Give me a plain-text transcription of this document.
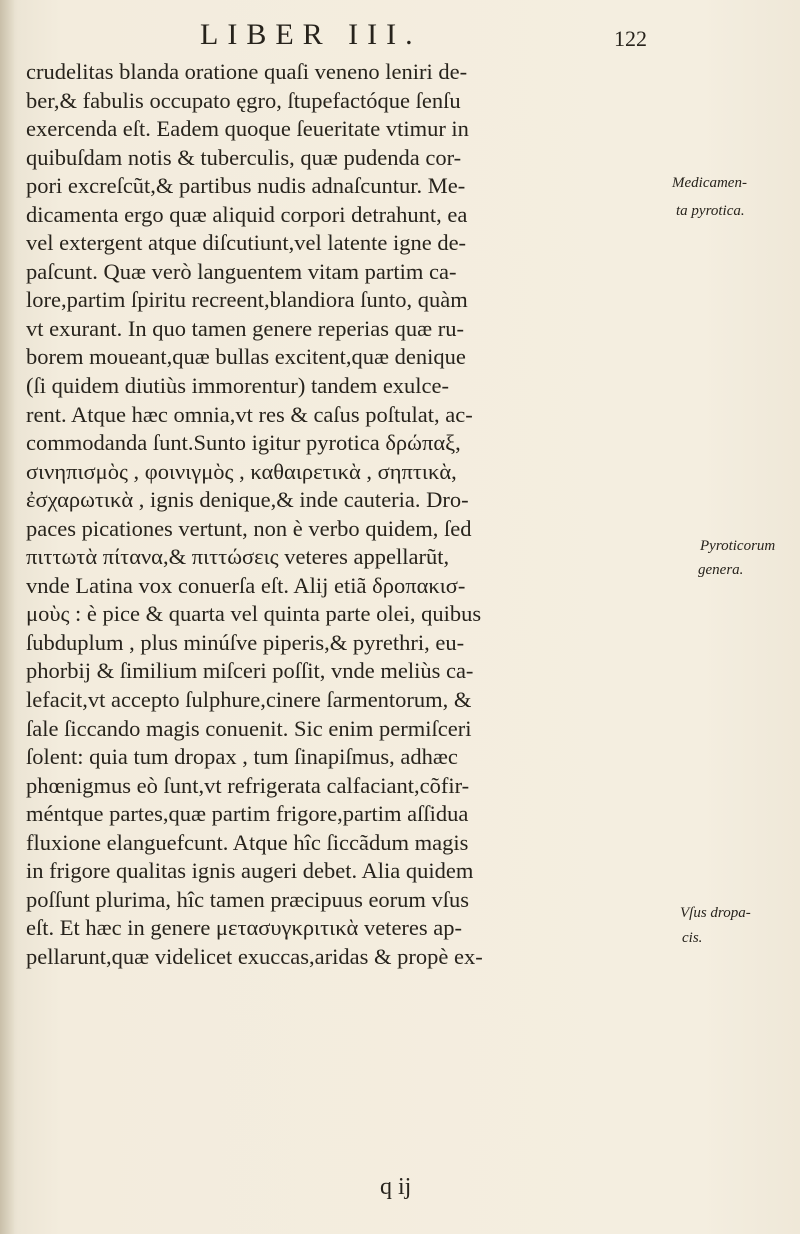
LIBER III.	122
crudelitas blanda oratione quaſi veneno leniri de-
ber,& fabulis occupato ęgro, ſtupefactóque ſenſu
exercenda eſt. Eadem quoque ſeueritate vtimur in
quibuſdam notis & tuberculis, quæ pudenda cor-
pori excreſcũt,& partibus nudis adnaſcuntur. Me-
dicamenta ergo quæ aliquid corpori detrahunt, ea
vel extergent atque diſcutiunt,vel latente igne de-
paſcunt. Quæ verò languentem vitam partim ca-
lore,partim ſpiritu recreent,blandiora ſunto, quàm
vt exurant. In quo tamen genere reperias quæ ru-
borem moueant,quæ bullas excitent,quæ denique
(ſi quidem diutiùs immorentur) tandem exulce-
rent. Atque hæc omnia,vt res & caſus poſtulat, ac-
commodanda ſunt.Sunto igitur pyrotica δρώπαξ,
σινηπισμὸς , φοινιγμὸς , καθαιρετικὰ , σηπτικὰ,
ἐσχαρωτικὰ , ignis denique,& inde cauteria. Dro-
paces picationes vertunt, non è verbo quidem, ſed
πιττωτὰ πίτανα,& πιττώσεις veteres appellarũt,
vnde Latina vox conuerſa eſt. Alij etiã δροπακισ-
μοὺς : è pice & quarta vel quinta parte olei, quibus
ſubduplum , plus minúſve piperis,& pyrethri, eu-
phorbij & ſimilium miſceri poſſit, vnde meliùs ca-
lefacit,vt accepto ſulphure,cinere ſarmentorum, &
ſale ſiccando magis conuenit. Sic enim permiſceri
ſolent: quia tum dropax , tum ſinapiſmus, adhæc
phœnigmus eò ſunt,vt refrigerata calfaciant,cõfir-
méntque partes,quæ partim frigore,partim aſſidua
fluxione elanguefcunt. Atque hîc ſiccãdum magis
in frigore qualitas ignis augeri debet. Alia quidem
poſſunt plurima, hîc tamen præcipuus eorum vſus
eſt. Et hæc in genere μετασυγκριτικὰ veteres ap-
pellarunt,quæ videlicet exuccas,aridas & propè ex-
Medicamen-
ta pyrotica.
Pyroticorum
genera.
Vſus dropa-
cis.
q ij
